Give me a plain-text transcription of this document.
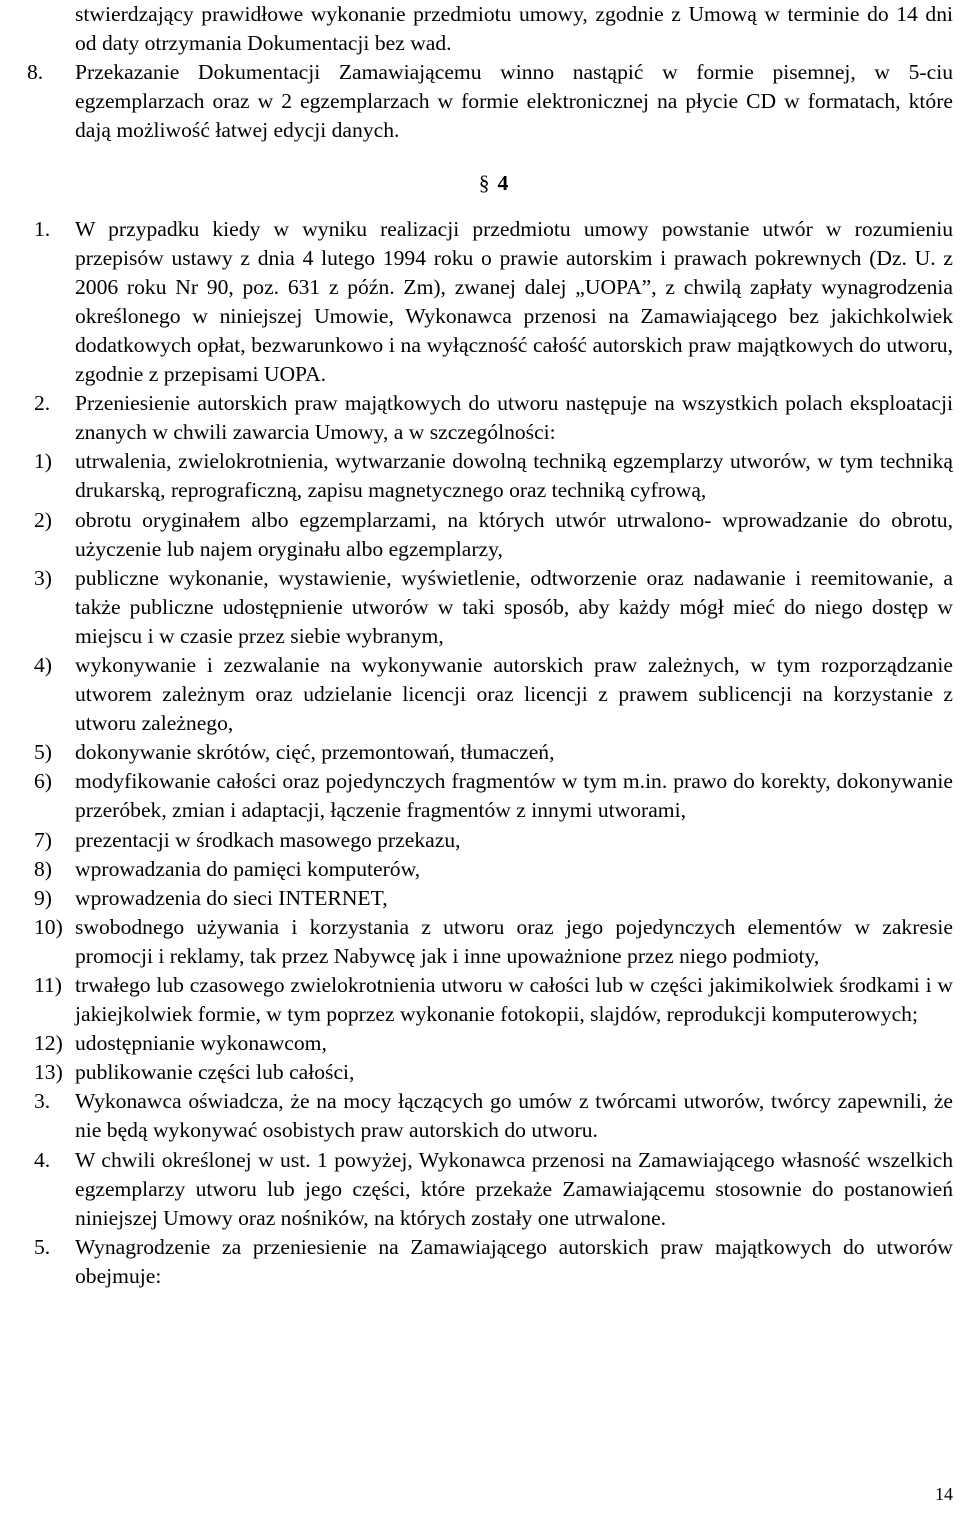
stwierdzający prawidłowe wykonanie przedmiotu umowy, zgodnie z Umową w terminie do 14 dni od daty otrzymania Dokumentacji bez wad.

8.	Przekazanie Dokumentacji Zamawiającemu winno nastąpić w formie pisemnej, w 5-ciu egzemplarzach oraz w 2 egzemplarzach w formie elektronicznej na płycie CD w formatach, które dają możliwość łatwej edycji danych.

§ 4
1.	W przypadku kiedy w wyniku realizacji przedmiotu umowy powstanie utwór w rozumieniu przepisów ustawy z dnia 4 lutego 1994 roku o prawie autorskim i prawach pokrewnych (Dz. U. z 2006 roku Nr 90, poz. 631 z późn. Zm), zwanej dalej „UOPA”, z chwilą zapłaty wynagrodzenia określonego w niniejszej Umowie, Wykonawca przenosi na Zamawiającego bez jakichkolwiek dodatkowych opłat, bezwarunkowo i na wyłączność całość autorskich praw majątkowych do utworu, zgodnie z przepisami UOPA.

2.	Przeniesienie autorskich praw majątkowych do utworu następuje na wszystkich polach eksploatacji znanych w chwili zawarcia Umowy, a w szczególności:

1)	utrwalenia, zwielokrotnienia, wytwarzanie dowolną techniką egzemplarzy utworów, w tym techniką drukarską, reprograficzną, zapisu magnetycznego oraz techniką cyfrową,

2)	obrotu oryginałem albo egzemplarzami, na których utwór utrwalono- wprowadzanie do obrotu, użyczenie lub najem oryginału albo egzemplarzy,

3)	publiczne wykonanie, wystawienie, wyświetlenie, odtworzenie oraz nadawanie i reemitowanie, a także publiczne udostępnienie utworów w taki sposób, aby każdy mógł mieć do niego dostęp w miejscu i w czasie przez siebie wybranym,

4)	wykonywanie i zezwalanie na wykonywanie autorskich praw zależnych, w tym rozporządzanie utworem zależnym oraz udzielanie licencji oraz licencji z prawem sublicencji na korzystanie z utworu zależnego,

5)	dokonywanie skrótów, cięć, przemontowań, tłumaczeń,

6)	modyfikowanie całości oraz pojedynczych fragmentów w tym m.in. prawo do korekty, dokonywanie przeróbek, zmian i adaptacji, łączenie fragmentów z innymi utworami,

7)	prezentacji w środkach masowego przekazu,

8)	wprowadzania do pamięci komputerów,

9)	wprowadzenia do sieci INTERNET,

10) swobodnego używania i korzystania z utworu oraz jego pojedynczych elementów w zakresie promocji i reklamy, tak przez Nabywcę jak i inne upoważnione przez niego podmioty,

11) trwałego lub czasowego zwielokrotnienia utworu w całości lub w części jakimikolwiek środkami i w jakiejkolwiek formie, w tym poprzez wykonanie fotokopii, slajdów, reprodukcji komputerowych;

12) udostępnianie wykonawcom,

13) publikowanie części lub całości,

3.	Wykonawca oświadcza, że na mocy łączących go umów z twórcami utworów, twórcy zapewnili, że nie będą wykonywać osobistych praw autorskich do utworu.

4.	W chwili określonej w ust. 1 powyżej, Wykonawca przenosi na Zamawiającego własność wszelkich egzemplarzy utworu lub jego części, które przekaże Zamawiającemu stosownie do postanowień niniejszej Umowy oraz nośników, na których zostały one utrwalone.

5.	Wynagrodzenie za przeniesienie na Zamawiającego autorskich praw majątkowych do utworów obejmuje:

14
